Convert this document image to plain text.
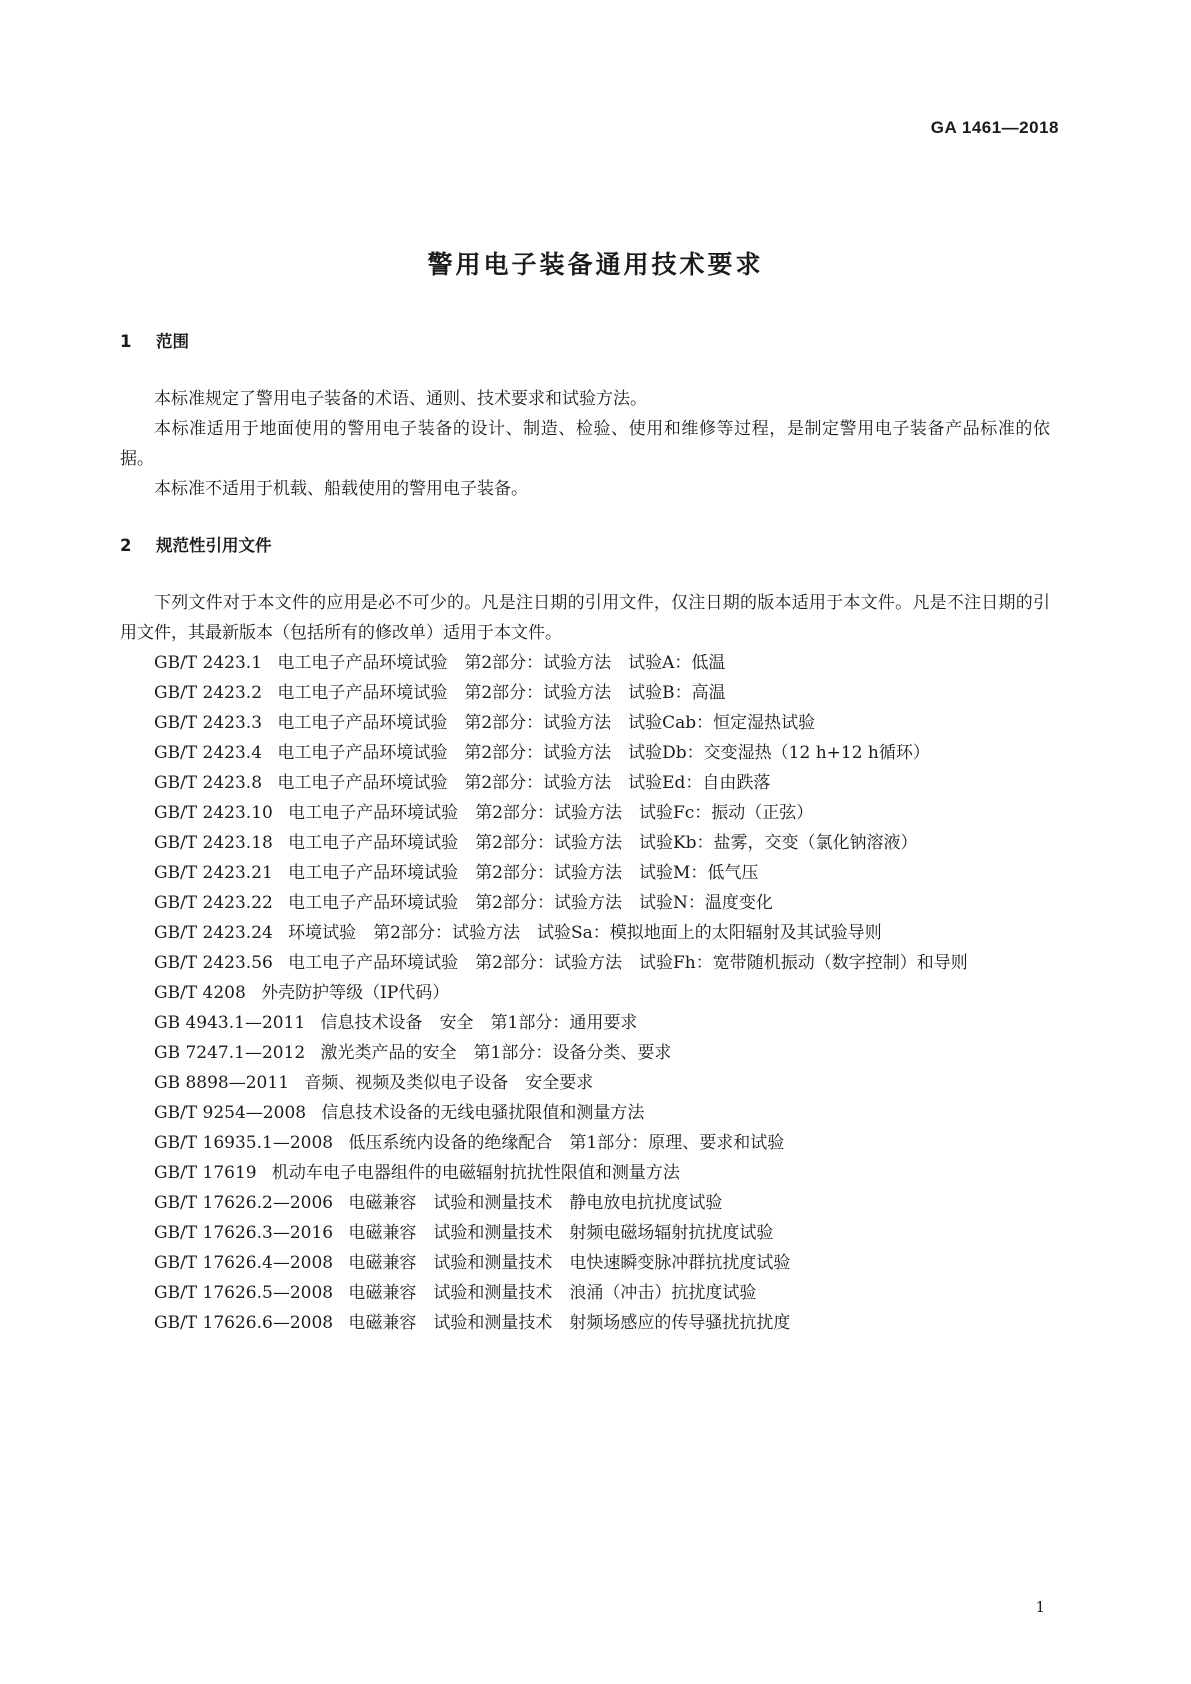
GA 1461—2018
警用电子装备通用技术要求
1 范围

本标准规定了警用电子装备的术语、通则、技术要求和试验方法。

本标准适用于地面使用的警用电子装备的设计、制造、检验、使用和维修等过程，是制定警用电子装备产品标准的依据。

本标准不适用于机载、船载使用的警用电子装备。

2 规范性引用文件

下列文件对于本文件的应用是必不可少的。凡是注日期的引用文件，仅注日期的版本适用于本文件。凡是不注日期的引用文件，其最新版本（包括所有的修改单）适用于本文件。

GB/T 2423.1 电工电子产品环境试验　第2部分：试验方法　试验A：低温
GB/T 2423.2 电工电子产品环境试验　第2部分：试验方法　试验B：高温
GB/T 2423.3 电工电子产品环境试验　第2部分：试验方法　试验Cab：恒定湿热试验
GB/T 2423.4 电工电子产品环境试验　第2部分：试验方法　试验Db：交变湿热（12 h+12 h循环）
GB/T 2423.8 电工电子产品环境试验　第2部分：试验方法　试验Ed：自由跌落
GB/T 2423.10 电工电子产品环境试验　第2部分：试验方法　试验Fc：振动（正弦）
GB/T 2423.18 电工电子产品环境试验　第2部分：试验方法　试验Kb：盐雾，交变（氯化钠溶液）
GB/T 2423.21 电工电子产品环境试验　第2部分：试验方法　试验M：低气压
GB/T 2423.22 电工电子产品环境试验　第2部分：试验方法　试验N：温度变化
GB/T 2423.24 环境试验　第2部分：试验方法　试验Sa：模拟地面上的太阳辐射及其试验导则
GB/T 2423.56 电工电子产品环境试验　第2部分：试验方法　试验Fh：宽带随机振动（数字控制）和导则
GB/T 4208 外壳防护等级（IP代码）
GB 4943.1—2011 信息技术设备　安全　第1部分：通用要求
GB 7247.1—2012 激光类产品的安全　第1部分：设备分类、要求
GB 8898—2011 音频、视频及类似电子设备　安全要求
GB/T 9254—2008 信息技术设备的无线电骚扰限值和测量方法
GB/T 16935.1—2008 低压系统内设备的绝缘配合　第1部分：原理、要求和试验
GB/T 17619 机动车电子电器组件的电磁辐射抗扰性限值和测量方法
GB/T 17626.2—2006 电磁兼容　试验和测量技术　静电放电抗扰度试验
GB/T 17626.3—2016 电磁兼容　试验和测量技术　射频电磁场辐射抗扰度试验
GB/T 17626.4—2008 电磁兼容　试验和测量技术　电快速瞬变脉冲群抗扰度试验
GB/T 17626.5—2008 电磁兼容　试验和测量技术　浪涌（冲击）抗扰度试验
GB/T 17626.6—2008 电磁兼容　试验和测量技术　射频场感应的传导骚扰抗扰度
1
